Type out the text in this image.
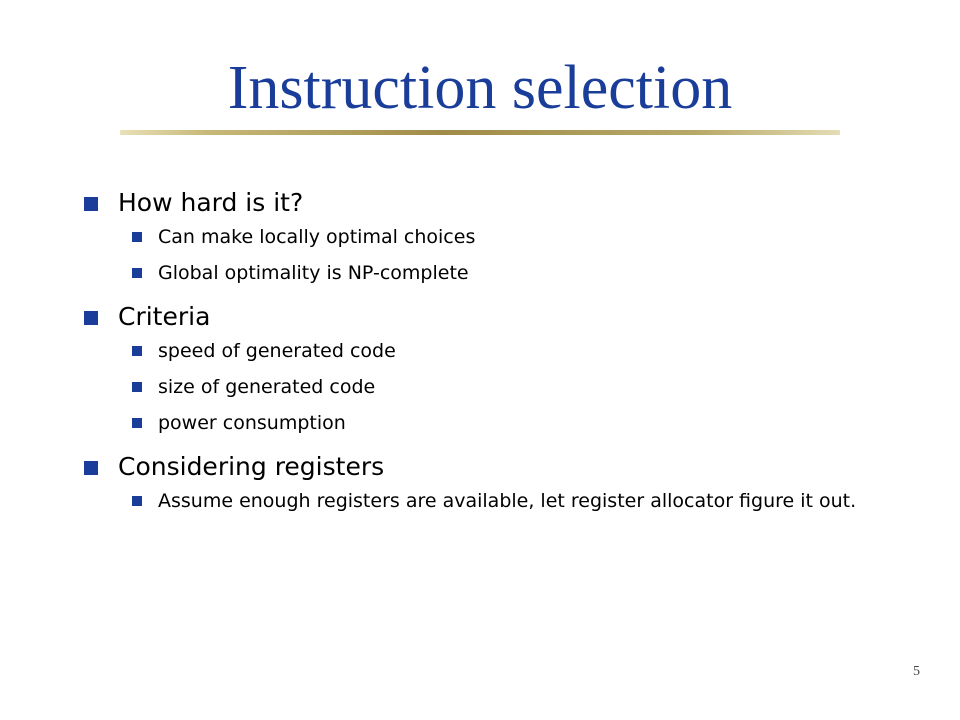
Instruction selection
How hard is it?
Can make locally optimal choices
Global optimality is NP-complete
Criteria
speed of generated code
size of generated code
power consumption
Considering registers
Assume enough registers are available, let register allocator figure it out.
5
